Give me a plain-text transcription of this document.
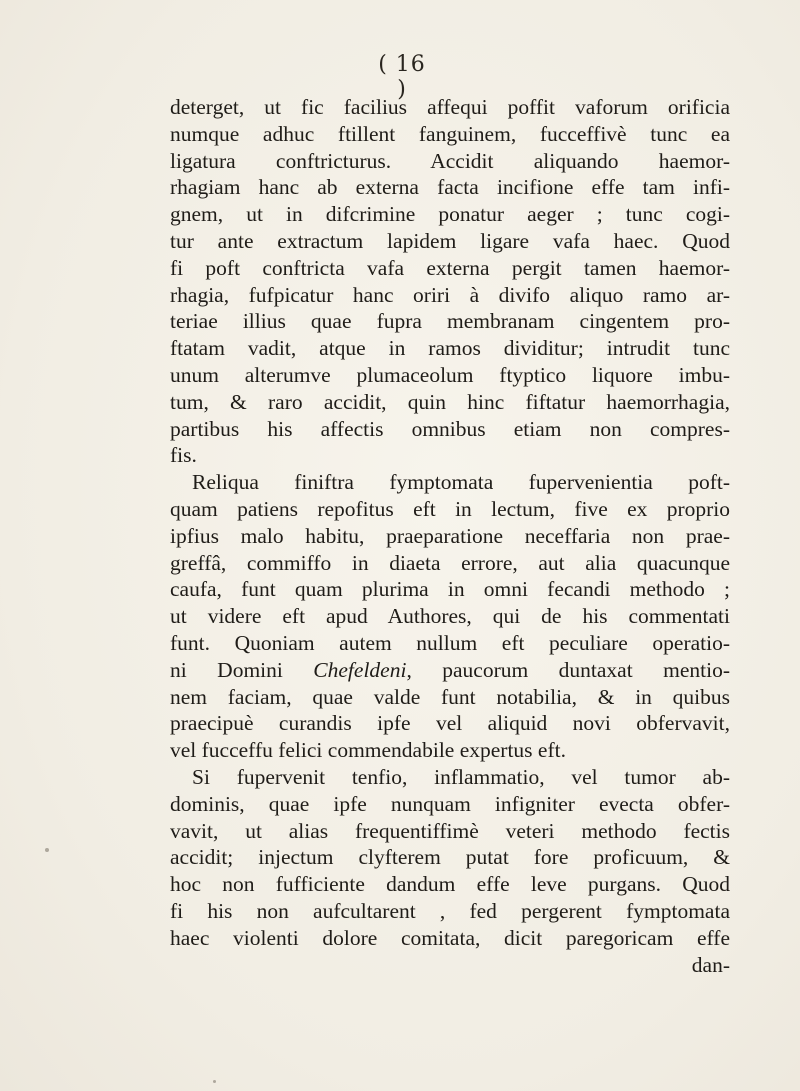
( 16 )
deterget, ut fic facilius affequi poffit vaforum orificia
numque adhuc ftillent fanguinem, fucceffivè tunc ea
ligatura conftricturus. Accidit aliquando haemor-
rhagiam hanc ab externa facta incifione effe tam infi-
gnem, ut in difcrimine ponatur aeger ; tunc cogi-
tur ante extractum lapidem ligare vafa haec. Quod
fi poft conftricta vafa externa pergit tamen haemor-
rhagia, fufpicatur hanc oriri à divifo aliquo ramo ar-
teriae illius quae fupra membranam cingentem pro-
ftatam vadit, atque in ramos dividitur; intrudit tunc
unum alterumve plumaceolum ftyptico liquore imbu-
tum, & raro accidit, quin hinc fiftatur haemorrhagia,
partibus his affectis omnibus etiam non compres-
fis.
Reliqua finiftra fymptomata fupervenientia poft-
quam patiens repofitus eft in lectum, five ex proprio
ipfius malo habitu, praeparatione neceffaria non prae-
greffâ, commiffo in diaeta errore, aut alia quacunque
caufa, funt quam plurima in omni fecandi methodo ;
ut videre eft apud Authores, qui de his commentati
funt. Quoniam autem nullum eft peculiare operatio-
ni Domini Chefeldeni, paucorum duntaxat mentio-
nem faciam, quae valde funt notabilia, & in quibus
praecipuè curandis ipfe vel aliquid novi obfervavit,
vel fucceffu felici commendabile expertus eft.
Si fupervenit tenfio, inflammatio, vel tumor ab-
dominis, quae ipfe nunquam infigniter evecta obfer-
vavit, ut alias frequentiffimè veteri methodo fectis
accidit; injectum clyfterem putat fore proficuum, &
hoc non fufficiente dandum effe leve purgans. Quod
fi his non aufcultarent , fed pergerent fymptomata
haec violenti dolore comitata, dicit paregoricam effe
dan-
